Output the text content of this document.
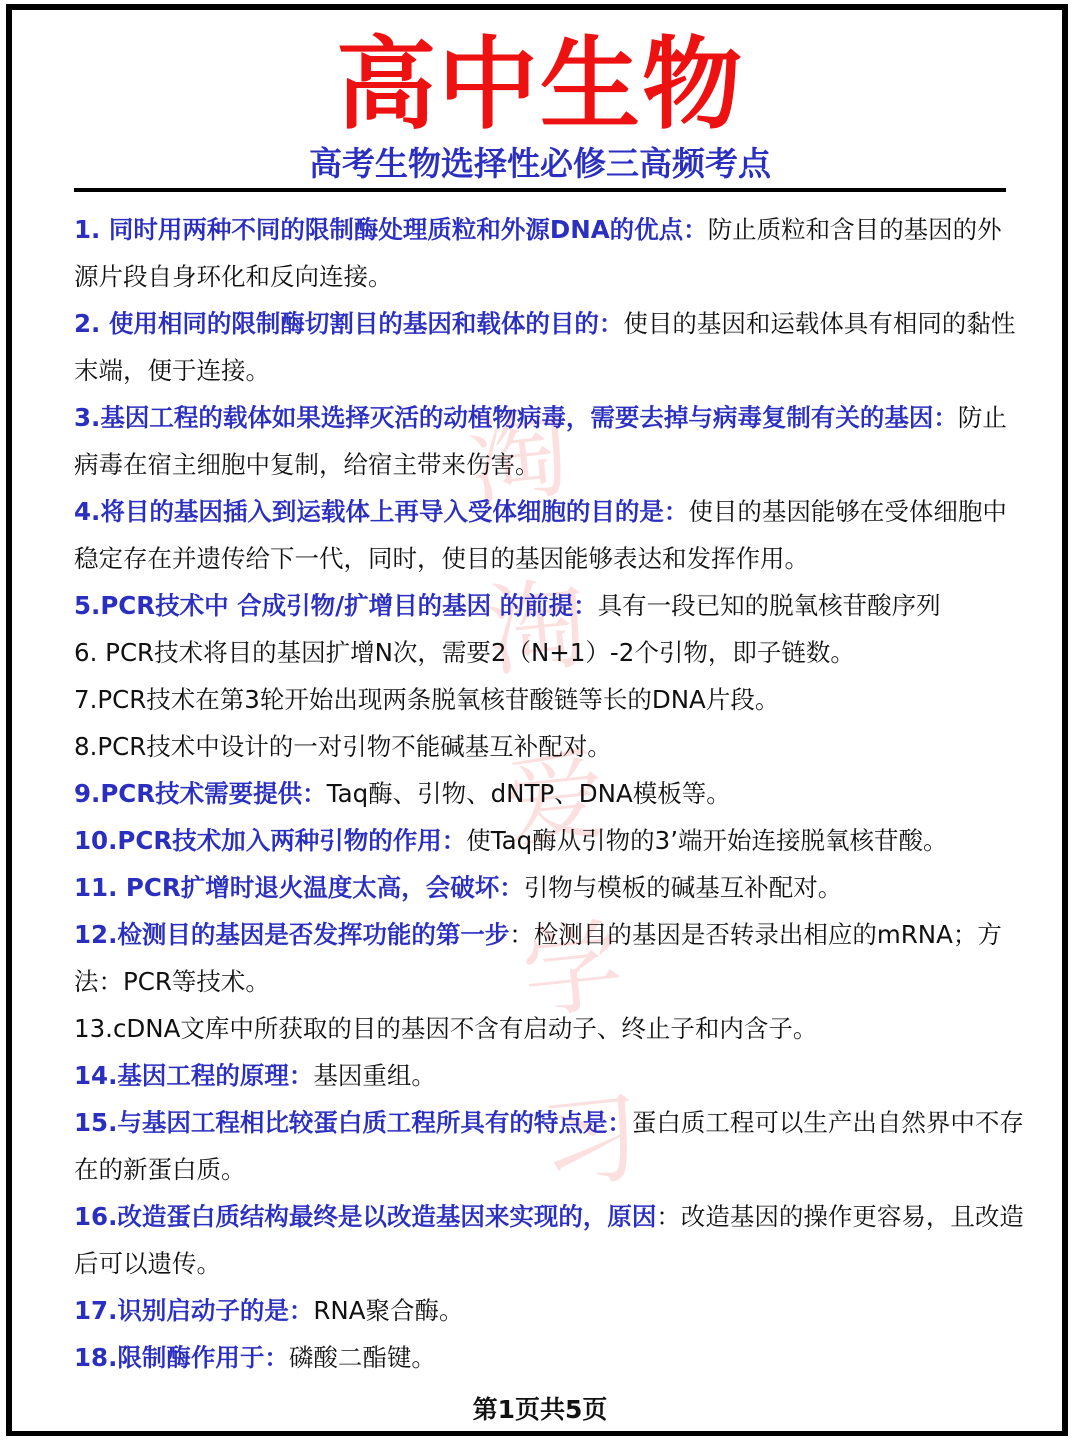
高中生物
高考生物选择性必修三高频考点

1. 同时用两种不同的限制酶处理质粒和外源DNA的优点：防止质粒和含目的基因的外源片段自身环化和反向连接。

2. 使用相同的限制酶切割目的基因和载体的目的：使目的基因和运载体具有相同的黏性末端，便于连接。

3.基因工程的载体如果选择灭活的动植物病毒，需要去掉与病毒复制有关的基因：防止病毒在宿主细胞中复制，给宿主带来伤害。

4.将目的基因插入到运载体上再导入受体细胞的目的是：使目的基因能够在受体细胞中稳定存在并遗传给下一代，同时，使目的基因能够表达和发挥作用。

5.PCR技术中 合成引物/扩增目的基因 的前提：具有一段已知的脱氧核苷酸序列

6. PCR技术将目的基因扩增N次，需要2（N+1）-2个引物，即子链数。

7.PCR技术在第3轮开始出现两条脱氧核苷酸链等长的DNA片段。

8.PCR技术中设计的一对引物不能碱基互补配对。

9.PCR技术需要提供：Taq酶、引物、dNTP、DNA模板等。

10.PCR技术加入两种引物的作用：使Taq酶从引物的3’端开始连接脱氧核苷酸。

11. PCR扩增时退火温度太高，会破坏：引物与模板的碱基互补配对。

12.检测目的基因是否发挥功能的第一步：检测目的基因是否转录出相应的mRNA；方法：PCR等技术。

13.cDNA文库中所获取的目的基因不含有启动子、终止子和内含子。

14.基因工程的原理：基因重组。

15.与基因工程相比较蛋白质工程所具有的特点是：蛋白质工程可以生产出自然界中不存在的新蛋白质。

16.改造蛋白质结构最终是以改造基因来实现的，原因：改造基因的操作更容易，且改造后可以遗传。

17.识别启动子的是：RNA聚合酶。

18.限制酶作用于：磷酸二酯键。

第1页共5页
